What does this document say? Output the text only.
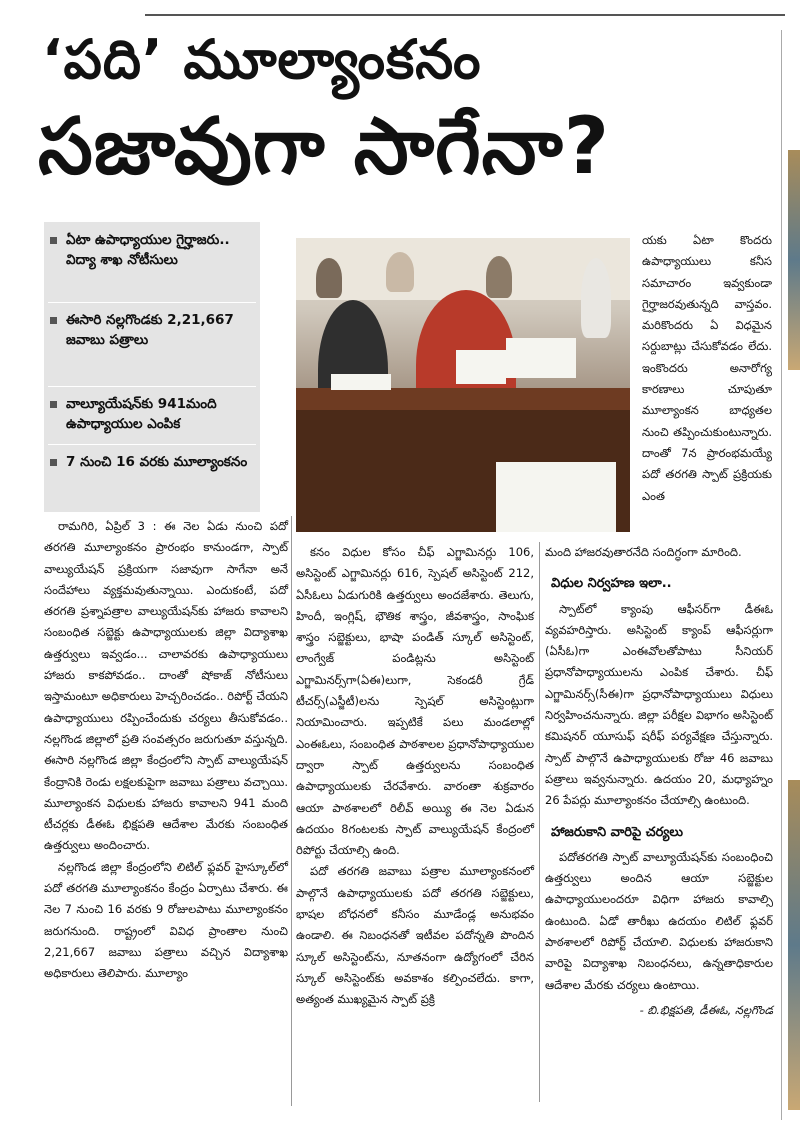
‘పది’ మూల్యాంకనం
సజావుగా సాగేనా?
ఏటా ఉపాధ్యాయుల గైర్హాజరు.. విద్యా శాఖ నోటీసులు
ఈసారి నల్లగొండకు 2,21,667 జవాబు పత్రాలు
వాల్యూయేషన్‌కు 941మంది ఉపాధ్యాయుల ఎంపిక
7 నుంచి 16 వరకు మూల్యాంకనం
యకు ఏటా కొందరు ఉపాధ్యాయులు కనీస సమాచారం ఇవ్వకుండా గైర్హాజరవుతున్నది వాస్తవం. మరికొందరు ఏ విధమైన సర్దుబాట్లు చేసుకోవడం లేదు. ఇంకొందరు అనారోగ్య కారణాలు చూపుతూ మూల్యాంకన బాధ్యతల నుంచి తప్పించుకుంటున్నారు. దాంతో 7న ప్రారంభమయ్యే పదో తరగతి స్పాట్ ప్రక్రియకు ఎంత

రామగిరి, ఏప్రిల్ 3 : ఈ నెల ఏడు నుంచి పదో తరగతి మూల్యాంకనం ప్రారంభం కానుండగా, స్పాట్ వాల్యుయేషన్ ప్రక్రియగా సజావుగా సాగేనా అనే సందేహాలు వ్యక్తమవుతున్నాయి. ఎందుకంటే, పదో తరగతి ప్రశ్నాపత్రాల వాల్యుయేషన్‌కు హాజరు కావాలని సంబంధిత సబ్జెక్టు ఉపాధ్యాయులకు జిల్లా విద్యాశాఖ ఉత్తర్వులు ఇవ్వడం... చాలావరకు ఉపాధ్యాయులు హాజరు కాకపోవడం.. దాంతో షోకాజ్ నోటీసులు ఇస్తామంటూ అధికారులు హెచ్చరించడం.. రిపోర్ట్ చేయని ఉపాధ్యాయులు రప్పించేందుకు చర్యలు తీసుకోవడం.. నల్లగొండ జిల్లాలో ప్రతి సంవత్సరం జరుగుతూ వస్తున్నది. ఈసారి నల్లగొండ జిల్లా కేంద్రంలోని స్పాట్ వాల్యుయేషన్ కేంద్రానికి రెండు లక్షలకుపైగా జవాబు పత్రాలు వచ్చాయి. మూల్యాంకన విధులకు హాజరు కావాలని 941 మంది టీచర్లకు డీఈఓ భిక్షపతి ఆదేశాల మేరకు సంబంధిత ఉత్తర్వులు అందించారు.

నల్లగొండ జిల్లా కేంద్రంలోని లిటిల్ ఫ్లవర్ హైస్కూల్‌లో పదో తరగతి మూల్యాంకనం కేంద్రం ఏర్పాటు చేశారు. ఈ నెల 7 నుంచి 16 వరకు 9 రోజులపాటు మూల్యాంకనం జరుగనుంది. రాష్ట్రంలో వివిధ ప్రాంతాల నుంచి 2,21,667 జవాబు పత్రాలు వచ్చిన విద్యాశాఖ అధికారులు తెలిపారు. మూల్యాం

కనం విధుల కోసం చీఫ్ ఎగ్జామినర్లు 106, అసిస్టెంట్ ఎగ్జామినర్లు 616, స్పెషల్ అసిస్టెంట్ 212, ఏసీఓలు ఏడుగురికి ఉత్తర్వులు అందజేశారు. తెలుగు, హిందీ, ఇంగ్లిష్, భౌతిక శాస్త్రం, జీవశాస్త్రం, సాంఘిక శాస్త్రం సబ్జెక్టులు, భాషా పండిత్ స్కూల్ అసిస్టెంట్, లాంగ్వేజ్ పండిట్లను అసిస్టెంట్ ఎగ్జామినర్స్‌గా(ఏఈ)లుగా, సెకండరీ గ్రేడ్ టీచర్స్(ఎస్జీటీ)లను స్పెషల్ అసిస్టెంట్లుగా నియామించారు. ఇప్పటికే పలు మండలాల్లో ఎంఈఓలు, సంబంధిత పాఠశాలల ప్రధానోపాధ్యాయుల ద్వారా స్పాట్ ఉత్తర్వులను సంబంధిత ఉపాధ్యాయులకు చేరవేశారు. వారంతా శుక్రవారం ఆయా పాఠశాలలో రిలీవ్ అయ్యి ఈ నెల ఏడున ఉదయం 8గంటలకు స్పాట్ వాల్యుయేషన్ కేంద్రంలో రిపోర్టు చేయాల్సి ఉంది.

పదో తరగతి జవాబు పత్రాల మూల్యాంకనంలో పాల్గొనే ఉపాధ్యాయులకు పదో తరగతి సబ్జెక్టులు, భాషల బోధనలో కనీసం మూడేండ్ల అనుభవం ఉండాలి. ఈ నిబంధనతో ఇటీవల పదోన్నతి పొందిన స్కూల్ అసిస్టెంట్‌ను, నూతనంగా ఉద్యోగంలో చేరిన స్కూల్ అసిస్టెంట్‌కు అవకాశం కల్పించలేదు. కాగా, అత్యంత ముఖ్యమైన స్పాట్ ప్రక్రి

మంది హాజరవుతారనేది సందిగ్ధంగా మారింది.

విధుల నిర్వహణ ఇలా..

స్పాట్‌లో క్యాంపు ఆఫీసర్‌గా డీఈఓ వ్యవహరిస్తారు. అసిస్టెంట్ క్యాంప్ ఆఫీసర్లుగా (ఏసీఓ)గా ఎంఈవోలతోపాటు సీనియర్ ప్రధానోపాధ్యాయులను ఎంపిక చేశారు. చీఫ్ ఎగ్జామినర్స్(సీఈ)గా ప్రధానోపాధ్యాయులు విధులు నిర్వహించనున్నారు. జిల్లా పరీక్షల విభాగం అసిస్టెంట్ కమిషనర్ యూసుఫ్ షరీఫ్ పర్యవేక్షణ చేస్తున్నారు. స్పాట్ పాల్గొనే ఉపాధ్యాయులకు రోజు 46 జవాబు పత్రాలు ఇవ్వనున్నారు. ఉదయం 20, మధ్యాహ్నం 26 పేపర్లు మూల్యాంకనం చేయాల్సి ఉంటుంది.

హాజరుకాని వారిపై చర్యలు

పదోతరగతి స్పాట్ వాల్యూయేషన్‌కు సంబంధించి ఉత్తర్వులు అందిన ఆయా సబ్జెక్టుల ఉపాధ్యాయులందరూ విధిగా హాజరు కావాల్సి ఉంటుంది. ఏడో తారీఖు ఉదయం లిటిల్ ఫ్లవర్ పాఠశాలలో రిపోర్ట్ చేయాలి. విధులకు హాజరుకాని వారిపై విద్యాశాఖ నిబంధనలు, ఉన్నతాధికారుల ఆదేశాల మేరకు చర్యలు ఉంటాయి.

- బి.భిక్షపతి, డీఈఓ, నల్లగొండ
